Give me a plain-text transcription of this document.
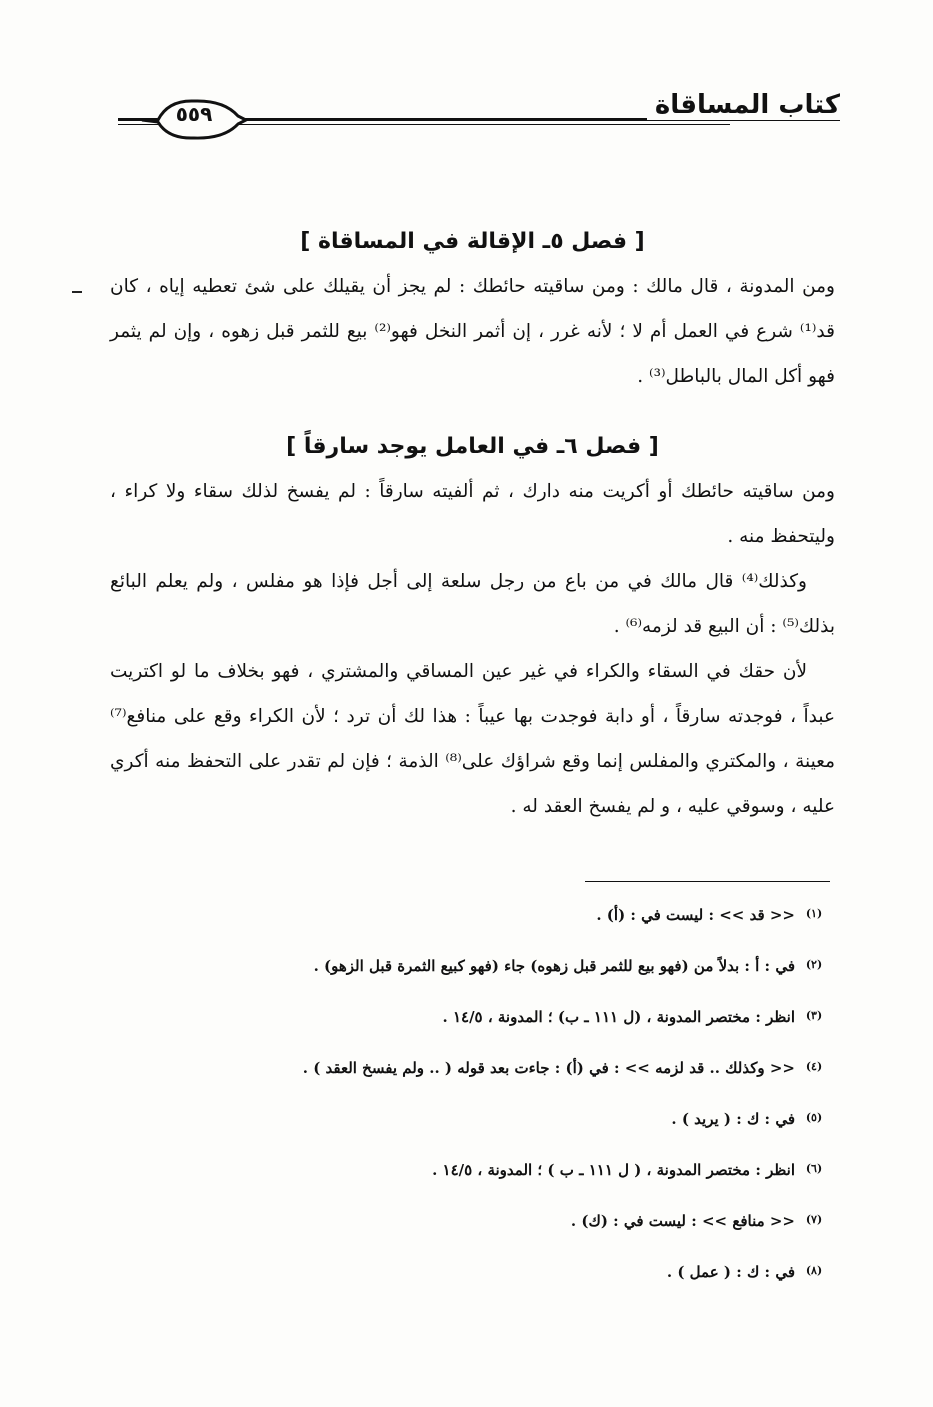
كتاب المساقاة
٥٥٩
[ فصل ٥ـ الإقالة في المساقاة ]

ومن المدونة ، قال مالك : ومن ساقيته حائطك : لم يجز أن يقيلك على شئ تعطيه إياه ، كان قد⁽¹⁾ شرع في العمل أم لا ؛ لأنه غرر ، إن أثمر النخل فهو⁽²⁾ بيع للثمر قبل زهوه ، وإن لم يثمر فهو أكل المال بالباطل⁽³⁾ .

[ فصل ٦ـ في العامل يوجد سارقاً ]

ومن ساقيته حائطك أو أكريت منه دارك ، ثم ألفيته سارقاً : لم يفسخ لذلك سقاء ولا كراء ، وليتحفظ منه .

وكذلك⁽⁴⁾ قال مالك في من باع من رجل سلعة إلى أجل فإذا هو مفلس ، ولم يعلم البائع بذلك⁽⁵⁾ : أن البيع قد لزمه⁽⁶⁾ .

لأن حقك في السقاء والكراء في غير عين المساقي والمشتري ، فهو بخلاف ما لو اكتريت عبداً ، فوجدته سارقاً ، أو دابة فوجدت بها عيباً : هذا لك أن ترد ؛ لأن الكراء وقع على منافع⁽⁷⁾ معينة ، والمكتري والمفلس إنما وقع شراؤك على⁽⁸⁾ الذمة ؛ فإن لم تقدر على التحفظ منه أكري عليه ، وسوقي عليه ، و لم يفسخ العقد له .

(١)
<< قد >> : ليست في : (أ) .
(٢)
في : أ : بدلاً من (فهو بيع للثمر قبل زهوه) جاء (فهو كبيع الثمرة قبل الزهو) .
(٣)
انظر : مختصر المدونة ، (ل ١١١ ـ ب) ؛ المدونة ، ١٤/٥ .
(٤)
<< وكذلك .. قد لزمه >> : في (أ) : جاءت بعد قوله ( .. ولم يفسخ العقد ) .
(٥)
في : ك : ( يريد ) .
(٦)
انظر : مختصر المدونة ، ( ل ١١١ ـ ب ) ؛ المدونة ، ١٤/٥ .
(٧)
<< منافع >> : ليست في : (ك) .
(٨)
في : ك : ( عمل ) .
